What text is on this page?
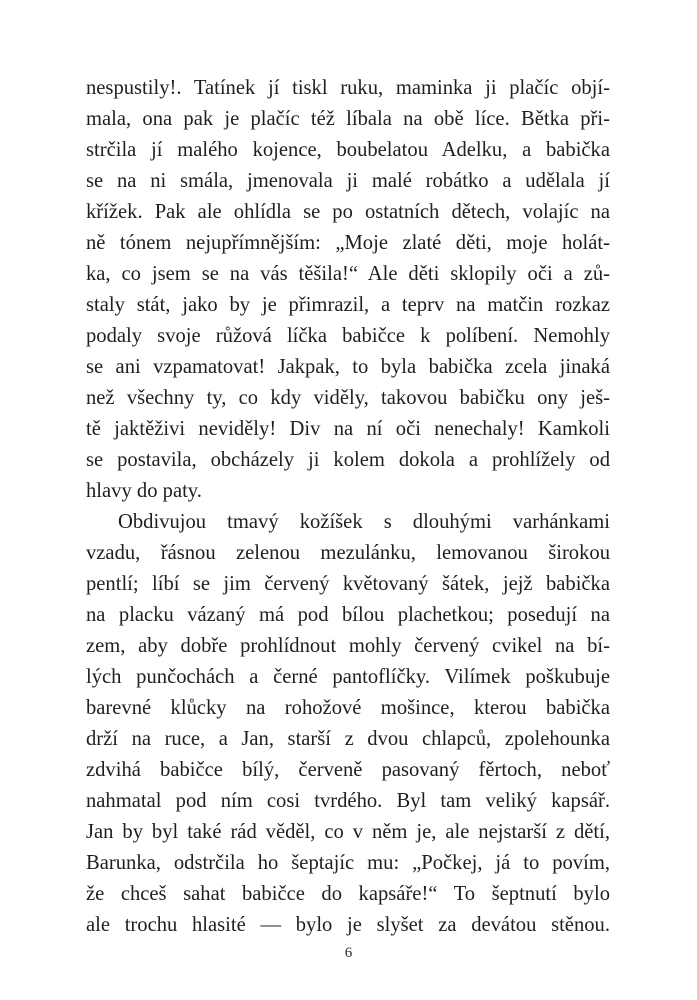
nespustily!. Tatínek jí tiskl ruku, maminka ji plačíc objí-
mala, ona pak je plačíc též líbala na obě líce. Bětka při-
strčila jí malého kojence, boubelatou Adelku, a babička
se na ni smála, jmenovala ji malé robátko a udělala jí
křížek. Pak ale ohlídla se po ostatních dětech, volajíc na
ně tónem nejupřímnějším: „Moje zlaté děti, moje holát-
ka, co jsem se na vás těšila!“ Ale děti sklopily oči a zů-
staly stát, jako by je přimrazil, a teprv na matčin rozkaz
podaly svoje růžová líčka babičce k políbení. Nemohly
se ani vzpamatovat! Jakpak, to byla babička zcela jinaká
než všechny ty, co kdy viděly, takovou babičku ony ješ-
tě jaktěživi neviděly! Div na ní oči nenechaly! Kamkoli
se postavila, obcházely ji kolem dokola a prohlížely od
hlavy do paty.
Obdivujou tmavý kožíšek s dlouhými varhánkami
vzadu, řásnou zelenou mezulánku, lemovanou širokou
pentlí; líbí se jim červený květovaný šátek, jejž babička
na placku vázaný má pod bílou plachetkou; posedují na
zem, aby dobře prohlídnout mohly červený cvikel na bí-
lých punčochách a černé pantoflíčky. Vilímek poškubuje
barevné klůcky na rohožové mošince, kterou babička
drží na ruce, a Jan, starší z dvou chlapců, zpolehounka
zdvihá babičce bílý, červeně pasovaný fěrtoch, neboť
nahmatal pod ním cosi tvrdého. Byl tam veliký kapsář.
Jan by byl také rád věděl, co v něm je, ale nejstarší z dětí,
Barunka, odstrčila ho šeptajíc mu: „Počkej, já to povím,
že chceš sahat babičce do kapsáře!“ To šeptnutí bylo
ale trochu hlasité — bylo je slyšet za devátou stěnou.
6
